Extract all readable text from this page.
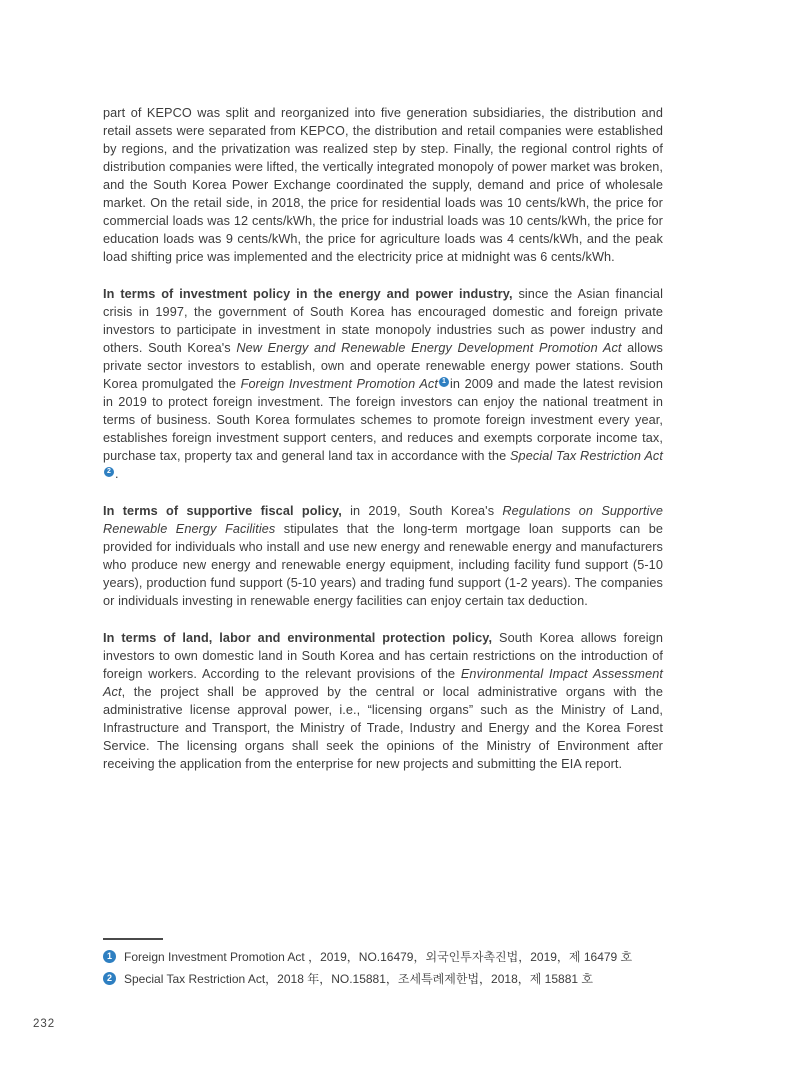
part of KEPCO was split and reorganized into five generation subsidiaries, the distribution and retail assets were separated from KEPCO, the distribution and retail companies were established by regions, and the privatization was realized step by step. Finally, the regional control rights of distribution companies were lifted, the vertically integrated monopoly of power market was broken, and the South Korea Power Exchange coordinated the supply, demand and price of wholesale market. On the retail side, in 2018, the price for residential loads was 10 cents/kWh, the price for commercial loads was 12 cents/kWh, the price for industrial loads was 10 cents/kWh, the price for education loads was 9 cents/kWh, the price for agriculture loads was 4 cents/kWh, and the peak load shifting price was implemented and the electricity price at midnight was 6 cents/kWh.

In terms of investment policy in the energy and power industry, since the Asian financial crisis in 1997, the government of South Korea has encouraged domestic and foreign private investors to participate in investment in state monopoly industries such as power industry and others. South Korea's New Energy and Renewable Energy Development Promotion Act allows private sector investors to establish, own and operate renewable energy power stations. South Korea promulgated the Foreign Investment Promotion Act $^1$ in 2009 and made the latest revision in 2019 to protect foreign investment. The foreign investors can enjoy the national treatment in terms of business. South Korea formulates schemes to promote foreign investment every year, establishes foreign investment support centers, and reduces and exempts corporate income tax, purchase tax, property tax and general land tax in accordance with the Special Tax Restriction Act$^2$ .

In terms of supportive fiscal policy, in 2019, South Korea's Regulations on Supportive Renewable Energy Facilities stipulates that the long-term mortgage loan supports can be provided for individuals who install and use new energy and renewable energy and manufacturers who produce new energy and renewable energy equipment, including facility fund support (5-10 years), production fund support (5-10 years) and trading fund support (1-2 years). The companies or individuals investing in renewable energy facilities can enjoy certain tax deduction.

In terms of land, labor and environmental protection policy, South Korea allows foreign investors to own domestic land in South Korea and has certain restrictions on the introduction of foreign workers. According to the relevant provisions of the Environmental Impact Assessment Act, the project shall be approved by the central or local administrative organs with the administrative license approval power, i.e., “licensing organs” such as the Ministry of Land, Infrastructure and Transport, the Ministry of Trade, Industry and Energy and the Korea Forest Service. The licensing organs shall seek the opinions of the Ministry of Environment after receiving the application from the enterprise for new projects and submitting the EIA report.

1	Foreign Investment Promotion Act ，2019，NO.16479，외국인투자촉진법，2019，제 16479 호
2	Special Tax Restriction Act，2018 年，NO.15881，조세특례제한법，2018，제 15881 호
232
